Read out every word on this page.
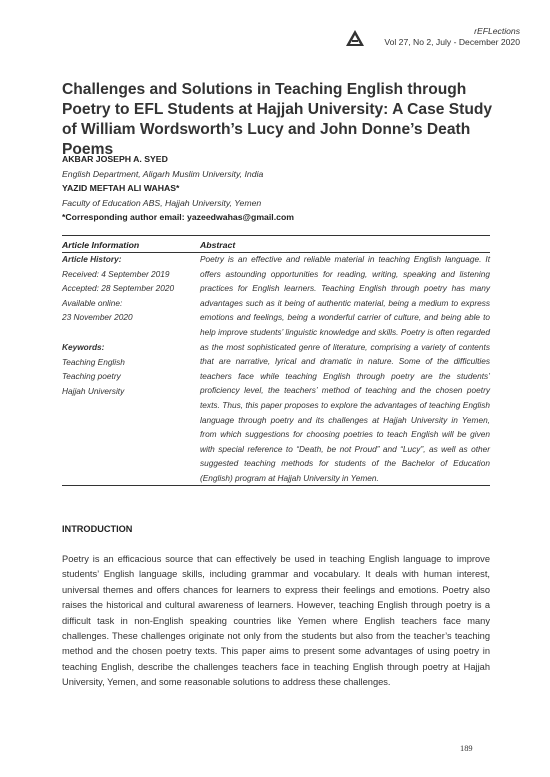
rEFLections
Vol 27, No 2, July - December 2020
Challenges and Solutions in Teaching English through Poetry to EFL Students at Hajjah University: A Case Study of William Wordsworth’s Lucy and John Donne’s Death Poems
AKBAR JOSEPH A. SYED
English Department, Aligarh Muslim University, India
YAZID MEFTAH ALI WAHAS*
Faculty of Education ABS, Hajjah University, Yemen
*Corresponding author email: yazeedwahas@gmail.com
Article Information	Abstract
Article History:
Received: 4 September 2019
Accepted: 28 September 2020
Available online:
23 November 2020
Keywords:
Teaching English
Teaching poetry
Hajjah University
Poetry is an effective and reliable material in teaching English language. It offers astounding opportunities for reading, writing, speaking and listening practices for English learners. Teaching English through poetry has many advantages such as it being of authentic material, being a medium to express emotions and feelings, being a wonderful carrier of culture, and being able to help improve students’ linguistic knowledge and skills. Poetry is often regarded as the most sophisticated genre of literature, comprising a variety of contents that are narrative, lyrical and dramatic in nature. Some of the difficulties teachers face while teaching English through poetry are the students’ proficiency level, the teachers’ method of teaching and the chosen poetry texts. Thus, this paper proposes to explore the advantages of teaching English language through poetry and its challenges at Hajjah University in Yemen, from which suggestions for choosing poetries to teach English will be given with special reference to “Death, be not Proud” and “Lucy”, as well as other suggested teaching methods for students of the Bachelor of Education (English) program at Hajjah University in Yemen.
INTRODUCTION
Poetry is an efficacious source that can effectively be used in teaching English language to improve students’ English language skills, including grammar and vocabulary. It deals with human interest, universal themes and offers chances for learners to express their feelings and emotions. Poetry also raises the historical and cultural awareness of learners. However, teaching English through poetry is a difficult task in non-English speaking countries like Yemen where English teachers face many challenges. These challenges originate not only from the students but also from the teacher’s teaching method and the chosen poetry texts. This paper aims to present some advantages of using poetry in teaching English, describe the challenges teachers face in teaching English through poetry at Hajjah University, Yemen, and some reasonable solutions to address these challenges.
189
